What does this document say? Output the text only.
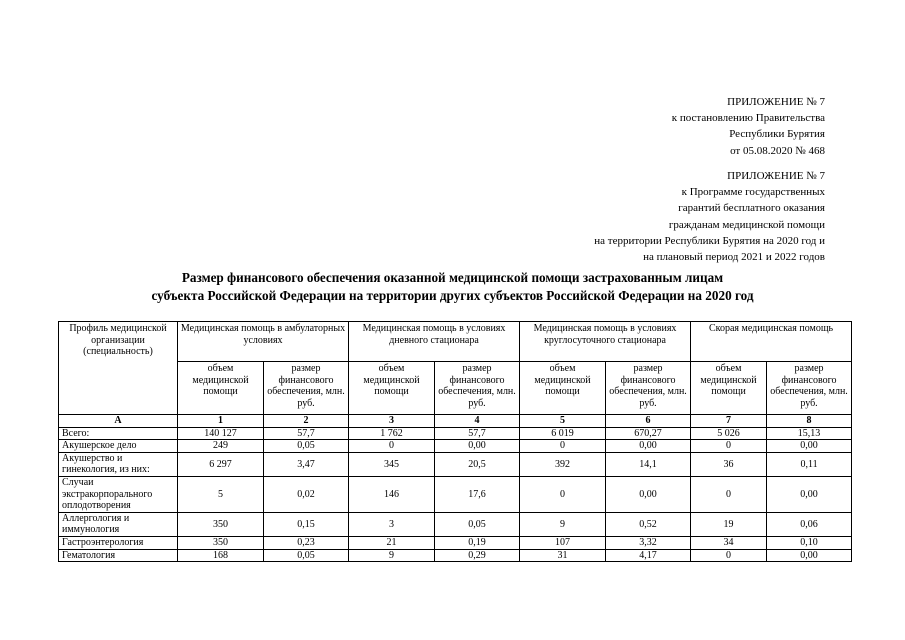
ПРИЛОЖЕНИЕ № 7
к постановлению Правительства
Республики Бурятия
от 05.08.2020 № 468
ПРИЛОЖЕНИЕ № 7
к Программе государственных
гарантий бесплатного оказания
гражданам медицинской помощи
на территории Республики Бурятия на 2020 год и
на плановый период 2021 и 2022 годов
Размер финансового обеспечения оказанной медицинской помощи застрахованным лицам
субъекта Российской Федерации на территории других субъектов Российской Федерации на 2020 год
Профиль медицинской организации (специальность)	Медицинская помощь в амбулаторных условиях		Медицинская помощь в условиях дневного стационара		Медицинская помощь в условиях круглосуточного стационара		Скорая медицинская помощь	
	объем медицинской помощи	размер финансового обеспечения, млн. руб.	объем медицинской помощи	размер финансового обеспечения, млн. руб.	объем медицинской помощи	размер финансового обеспечения, млн. руб.	объем медицинской помощи	размер финансового обеспечения, млн. руб.
А	1	2	3	4	5	6	7	8
Всего:	140 127	57,7	1 762	57,7	6 019	670,27	5 026	15,13
Акушерское дело	249	0,05	0	0,00	0	0,00	0	0,00
Акушерство и гинекология, из них:	6 297	3,47	345	20,5	392	14,1	36	0,11
Случаи экстракорпорального оплодотворения	5	0,02	146	17,6	0	0,00	0	0,00
Аллергология и иммунология	350	0,15	3	0,05	9	0,52	19	0,06
Гастроэнтерология	350	0,23	21	0,19	107	3,32	34	0,10
Гематология	168	0,05	9	0,29	31	4,17	0	0,00
